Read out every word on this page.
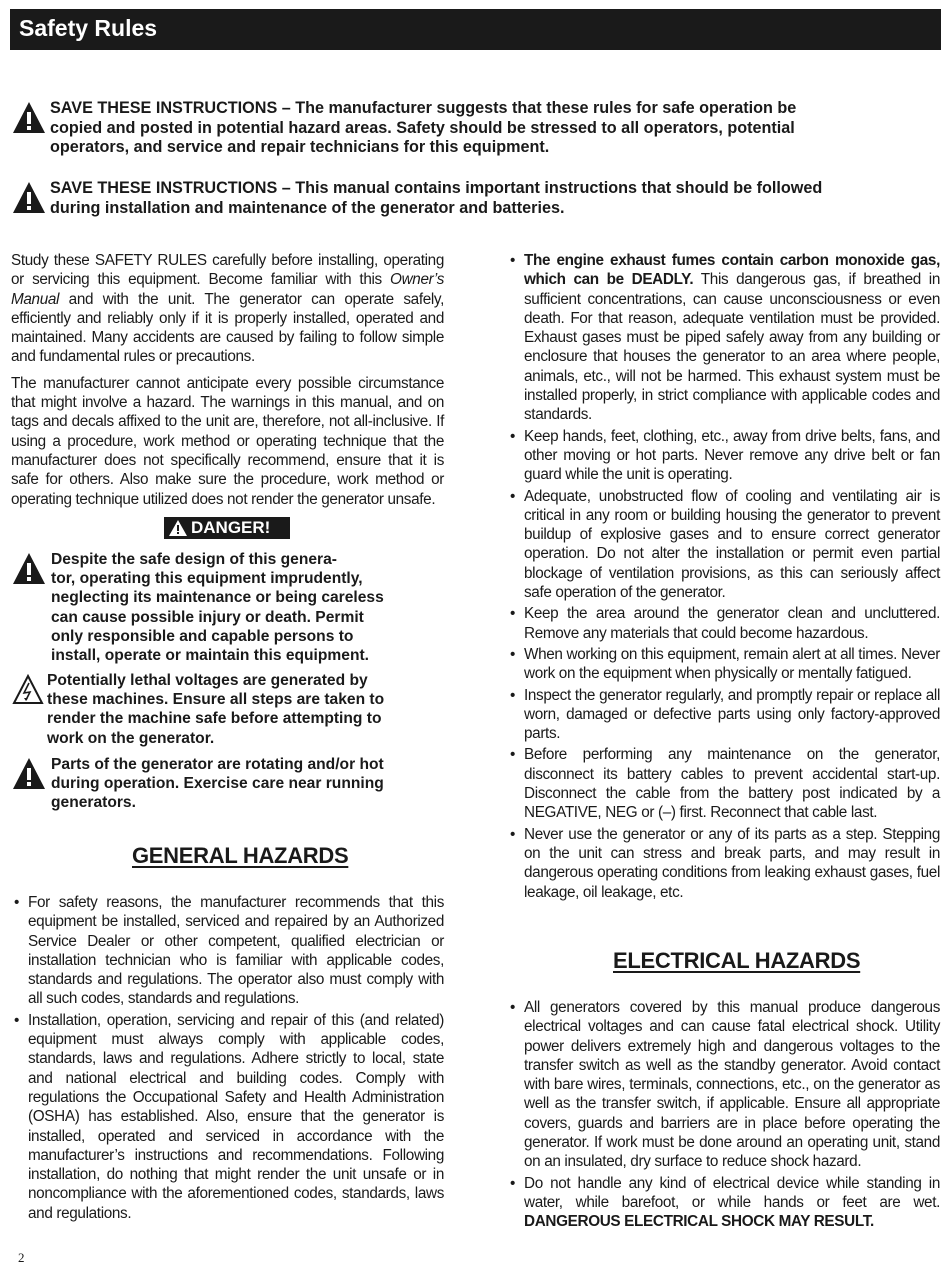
Safety Rules
SAVE THESE INSTRUCTIONS – The manufacturer suggests that these rules for safe operation be
copied and posted in potential hazard areas. Safety should be stressed to all operators, potential
operators, and service and repair technicians for this equipment.
SAVE THESE INSTRUCTIONS – This manual contains important instructions that should be followed
during installation and maintenance of the generator and batteries.

Study these SAFETY RULES carefully before installing, operating or servicing this equipment. Become familiar with this Owner’s Manual and with the unit. The generator can operate safely, efficiently and reliably only if it is properly installed, operated and maintained. Many accidents are caused by failing to follow simple and fundamental rules or precautions.

The manufacturer cannot anticipate every possible circumstance that might involve a hazard. The warnings in this manual, and on tags and decals affixed to the unit are, therefore, not all-inclusive. If using a procedure, work method or operating technique that the manufacturer does not specifically recommend, ensure that it is safe for others. Also make sure the procedure, work method or operating technique utilized does not render the generator unsafe.

DANGER!
Despite the safe design of this genera-
tor, operating this equipment imprudently,
neglecting its maintenance or being careless
can cause possible injury or death. Permit
only responsible and capable persons to
install, operate or maintain this equipment.
Potentially lethal voltages are generated by
these machines. Ensure all steps are taken to
render the machine safe before attempting to
work on the generator.
Parts of the generator are rotating and/or hot
during operation. Exercise care near running
generators.
GENERAL HAZARDS
• For safety reasons, the manufacturer recommends that this equipment be installed, serviced and repaired by an Authorized Service Dealer or other competent, qualified electrician or installation technician who is familiar with applicable codes, standards and regulations. The operator also must comply with all such codes, standards and regulations.
• Installation, operation, servicing and repair of this (and related) equipment must always comply with applicable codes, standards, laws and regulations. Adhere strictly to local, state and national electrical and building codes. Comply with regulations the Occupational Safety and Health Administration (OSHA) has established. Also, ensure that the generator is installed, operated and serviced in accordance with the manufacturer’s instructions and recommendations. Following installation, do nothing that might render the unit unsafe or in noncompliance with the aforementioned codes, standards, laws and regulations.
• The engine exhaust fumes contain carbon monoxide gas, which can be DEADLY. This dangerous gas, if breathed in sufficient concentrations, can cause unconsciousness or even death. For that reason, adequate ventilation must be provided. Exhaust gases must be piped safely away from any building or enclosure that houses the generator to an area where people, animals, etc., will not be harmed. This exhaust system must be installed properly, in strict compliance with applicable codes and standards.
• Keep hands, feet, clothing, etc., away from drive belts, fans, and other moving or hot parts. Never remove any drive belt or fan guard while the unit is operating.
• Adequate, unobstructed flow of cooling and ventilating air is critical in any room or building housing the generator to prevent buildup of explosive gases and to ensure correct generator operation. Do not alter the installation or permit even partial blockage of ventilation provisions, as this can seriously affect safe operation of the generator.
• Keep the area around the generator clean and uncluttered. Remove any materials that could become hazardous.
• When working on this equipment, remain alert at all times. Never work on the equipment when physically or mentally fatigued.
• Inspect the generator regularly, and promptly repair or replace all worn, damaged or defective parts using only factory-approved parts.
• Before performing any maintenance on the generator, disconnect its battery cables to prevent accidental start-up. Disconnect the cable from the battery post indicated by a NEGATIVE, NEG or (–) first. Reconnect that cable last.
• Never use the generator or any of its parts as a step. Stepping on the unit can stress and break parts, and may result in dangerous operating conditions from leaking exhaust gases, fuel leakage, oil leakage, etc.
ELECTRICAL HAZARDS
• All generators covered by this manual produce dangerous electrical voltages and can cause fatal electrical shock. Utility power delivers extremely high and dangerous voltages to the transfer switch as well as the standby generator. Avoid contact with bare wires, terminals, connections, etc., on the generator as well as the transfer switch, if applicable. Ensure all appropriate covers, guards and barriers are in place before operating the generator. If work must be done around an operating unit, stand on an insulated, dry surface to reduce shock hazard.
• Do not handle any kind of electrical device while standing in water, while barefoot, or while hands or feet are wet. DANGEROUS ELECTRICAL SHOCK MAY RESULT.
2
